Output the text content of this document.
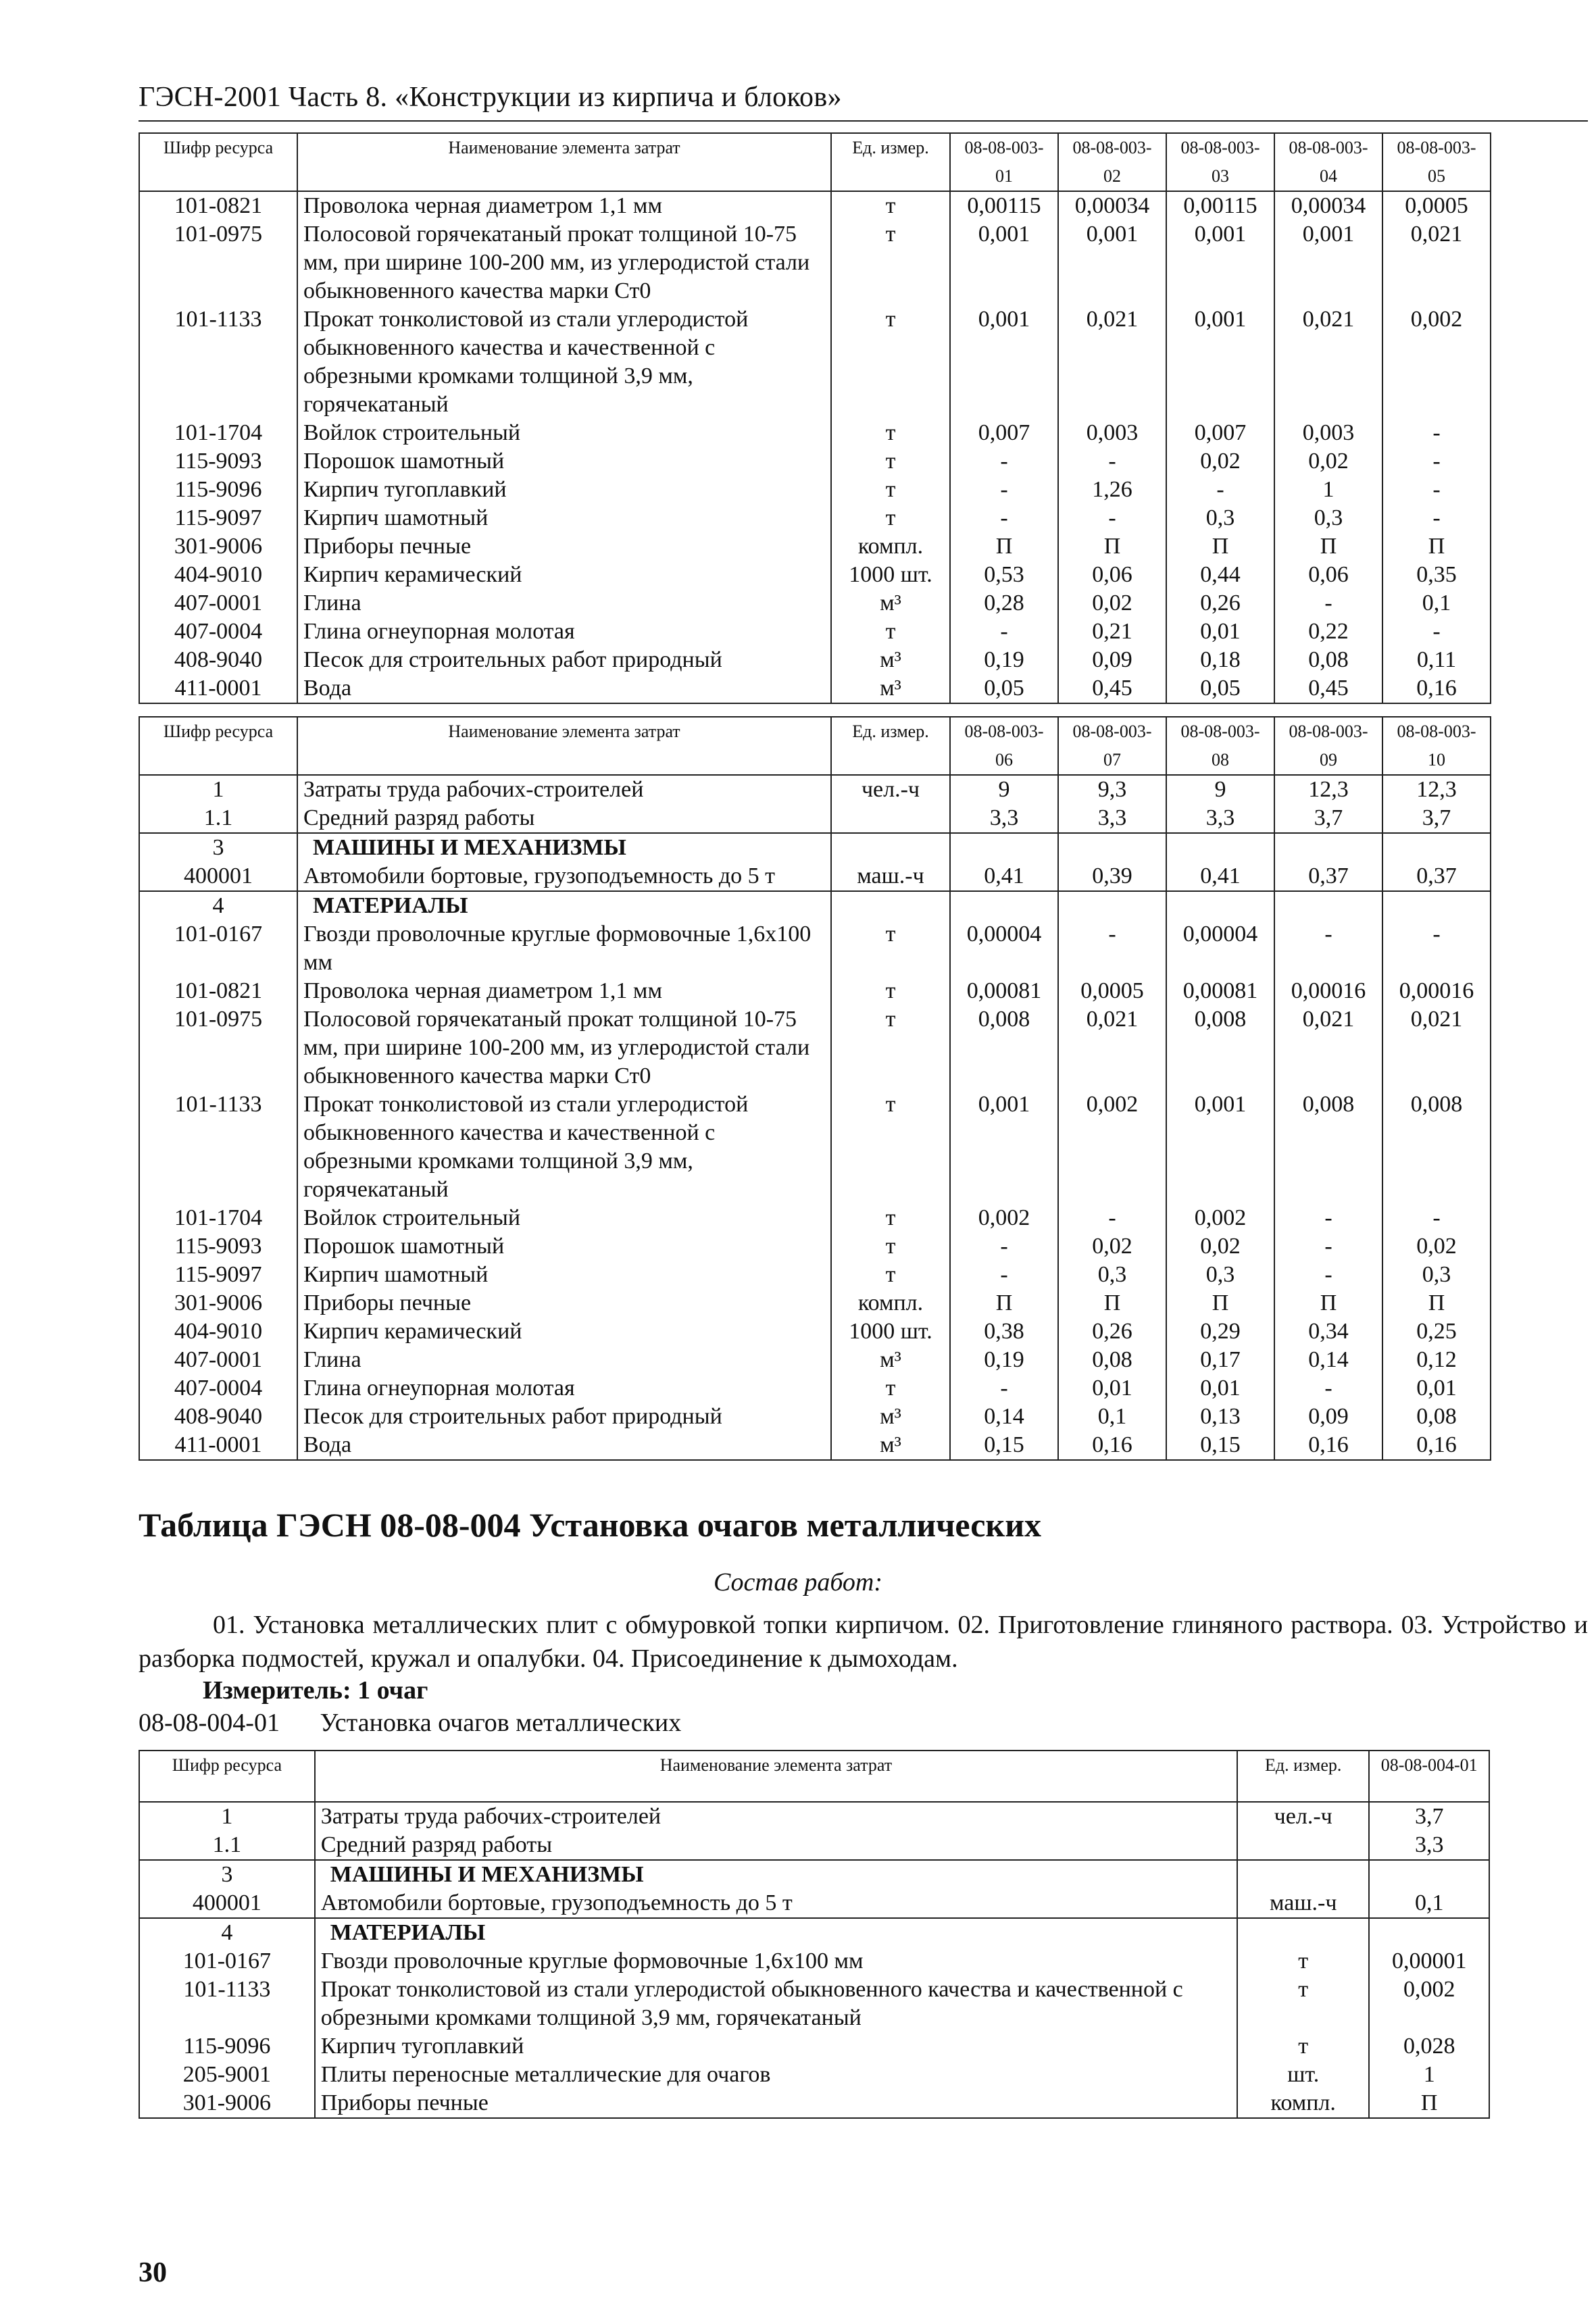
ГЭСН-2001 Часть 8. «Конструкции из кирпича и блоков»
Шифр ресурса	Наименование элемента затрат	Ед. измер.	08-08-003-01	08-08-003-02	08-08-003-03	08-08-003-04	08-08-003-05
101-0821	Проволока черная диаметром 1,1 мм	т	0,00115	0,00034	0,00115	0,00034	0,0005
101-0975	Полосовой горячекатаный прокат толщиной 10-75 мм, при ширине 100-200 мм, из углеродистой стали обыкновенного качества марки Ст0	т	0,001	0,001	0,001	0,001	0,021
101-1133	Прокат тонколистовой из стали углеродистой обыкновенного качества и качественной с обрезными кромками толщиной 3,9 мм, горячекатаный	т	0,001	0,021	0,001	0,021	0,002
101-1704	Войлок строительный	т	0,007	0,003	0,007	0,003	-
115-9093	Порошок шамотный	т	-	-	0,02	0,02	-
115-9096	Кирпич тугоплавкий	т	-	1,26	-	1	-
115-9097	Кирпич шамотный	т	-	-	0,3	0,3	-
301-9006	Приборы печные	компл.	П	П	П	П	П
404-9010	Кирпич керамический	1000 шт.	0,53	0,06	0,44	0,06	0,35
407-0001	Глина	м³	0,28	0,02	0,26	-	0,1
407-0004	Глина огнеупорная молотая	т	-	0,21	0,01	0,22	-
408-9040	Песок для строительных работ природный	м³	0,19	0,09	0,18	0,08	0,11
411-0001	Вода	м³	0,05	0,45	0,05	0,45	0,16
Шифр ресурса	Наименование элемента затрат	Ед. измер.	08-08-003-06	08-08-003-07	08-08-003-08	08-08-003-09	08-08-003-10
1	Затраты труда рабочих-строителей	чел.-ч	9	9,3	9	12,3	12,3
1.1	Средний разряд работы		3,3	3,3	3,3	3,7	3,7
3	МАШИНЫ И МЕХАНИЗМЫ						
400001	Автомобили бортовые, грузоподъемность до 5 т	маш.-ч	0,41	0,39	0,41	0,37	0,37
4	МАТЕРИАЛЫ						
101-0167	Гвозди проволочные круглые формовочные 1,6х100 мм	т	0,00004	-	0,00004	-	-
101-0821	Проволока черная диаметром 1,1 мм	т	0,00081	0,0005	0,00081	0,00016	0,00016
101-0975	Полосовой горячекатаный прокат толщиной 10-75 мм, при ширине 100-200 мм, из углеродистой стали обыкновенного качества марки Ст0	т	0,008	0,021	0,008	0,021	0,021
101-1133	Прокат тонколистовой из стали углеродистой обыкновенного качества и качественной с обрезными кромками толщиной 3,9 мм, горячекатаный	т	0,001	0,002	0,001	0,008	0,008
101-1704	Войлок строительный	т	0,002	-	0,002	-	-
115-9093	Порошок шамотный	т	-	0,02	0,02	-	0,02
115-9097	Кирпич шамотный	т	-	0,3	0,3	-	0,3
301-9006	Приборы печные	компл.	П	П	П	П	П
404-9010	Кирпич керамический	1000 шт.	0,38	0,26	0,29	0,34	0,25
407-0001	Глина	м³	0,19	0,08	0,17	0,14	0,12
407-0004	Глина огнеупорная молотая	т	-	0,01	0,01	-	0,01
408-9040	Песок для строительных работ природный	м³	0,14	0,1	0,13	0,09	0,08
411-0001	Вода	м³	0,15	0,16	0,15	0,16	0,16
Таблица ГЭСН 08-08-004 Установка очагов металлических
Состав работ:
01. Установка металлических плит с обмуровкой топки кирпичом. 02. Приготовление глиняного раствора. 03. Устройство и разборка подмостей, кружал и опалубки. 04. Присоединение к дымоходам.
Измеритель: 1 очаг
08-08-004-01 Установка очагов металлических
Шифр ресурса	Наименование элемента затрат	Ед. измер.	08-08-004-01
1	Затраты труда рабочих-строителей	чел.-ч	3,7
1.1	Средний разряд работы		3,3
3	МАШИНЫ И МЕХАНИЗМЫ		
400001	Автомобили бортовые, грузоподъемность до 5 т	маш.-ч	0,1
4	МАТЕРИАЛЫ		
101-0167	Гвозди проволочные круглые формовочные 1,6х100 мм	т	0,00001
101-1133	Прокат тонколистовой из стали углеродистой обыкновенного качества и качественной с обрезными кромками толщиной 3,9 мм, горячекатаный	т	0,002
115-9096	Кирпич тугоплавкий	т	0,028
205-9001	Плиты переносные металлические для очагов	шт.	1
301-9006	Приборы печные	компл.	П
30
